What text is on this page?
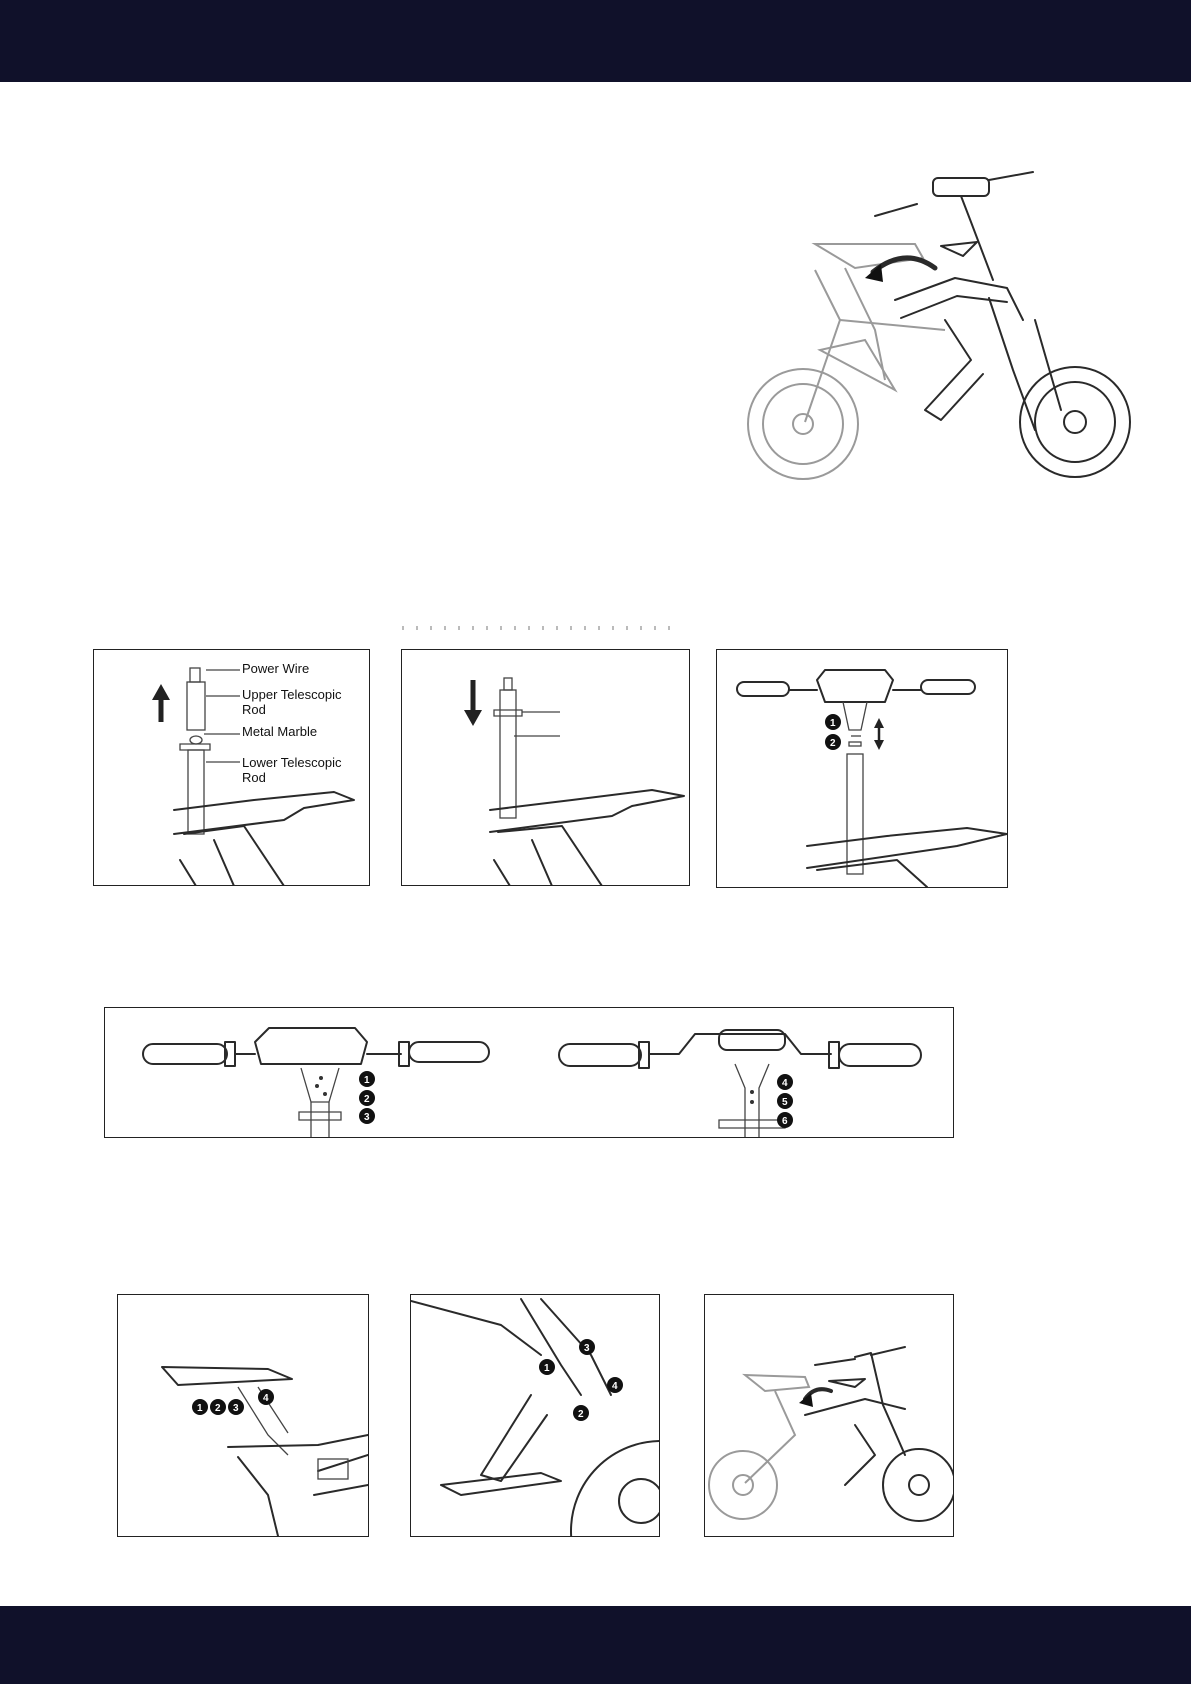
Power Wire
Upper Telescopic
Rod
Metal Marble
Lower Telescopic
Rod
1
2
1
2
3
4
5
6
1 2 3
4
1
2
3
4
